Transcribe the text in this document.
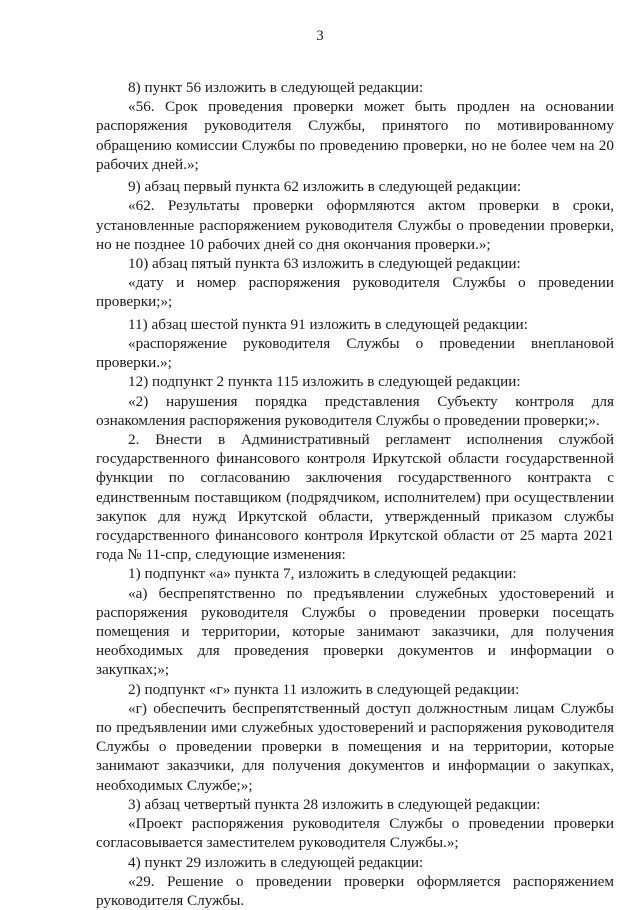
3

8) пункт 56 изложить в следующей редакции:

«56. Срок проведения проверки может быть продлен на основании распоряжения руководителя Службы, принятого по мотивированному обращению комиссии Службы по проведению проверки, но не более чем на 20 рабочих дней.»;

9) абзац первый пункта 62 изложить в следующей редакции:

«62. Результаты проверки оформляются актом проверки в сроки, установленные распоряжением руководителя Службы о проведении проверки, но не позднее 10 рабочих дней со дня окончания проверки.»;

10) абзац пятый пункта 63 изложить в следующей редакции:

«дату и номер распоряжения руководителя Службы о проведении проверки;»;

11) абзац шестой пункта 91 изложить в следующей редакции:

«распоряжение руководителя Службы о проведении внеплановой проверки.»;

12) подпункт 2 пункта 115 изложить в следующей редакции:

«2) нарушения порядка представления Субъекту контроля для ознакомления распоряжения руководителя Службы о проведении проверки;».

2. Внести в Административный регламент исполнения службой государственного финансового контроля Иркутской области государственной функции по согласованию заключения государственного контракта с единственным поставщиком (подрядчиком, исполнителем) при осуществлении закупок для нужд Иркутской области, утвержденный приказом службы государственного финансового контроля Иркутской области от 25 марта 2021 года № 11-спр, следующие изменения:

1) подпункт «а» пункта 7, изложить в следующей редакции:

«а) беспрепятственно по предъявлении служебных удостоверений и распоряжения руководителя Службы о проведении проверки посещать помещения и территории, которые занимают заказчики, для получения необходимых для проведения проверки документов и информации о закупках;»;

2) подпункт «г» пункта 11 изложить в следующей редакции:

«г) обеспечить беспрепятственный доступ должностным лицам Службы по предъявлении ими служебных удостоверений и распоряжения руководителя Службы о проведении проверки в помещения и на территории, которые занимают заказчики, для получения документов и информации о закупках, необходимых Службе;»;

3) абзац четвертый пункта 28 изложить в следующей редакции:

«Проект распоряжения руководителя Службы о проведении проверки согласовывается заместителем руководителя Службы.»;

4) пункт 29 изложить в следующей редакции:

«29. Решение о проведении проверки оформляется распоряжением руководителя Службы.
